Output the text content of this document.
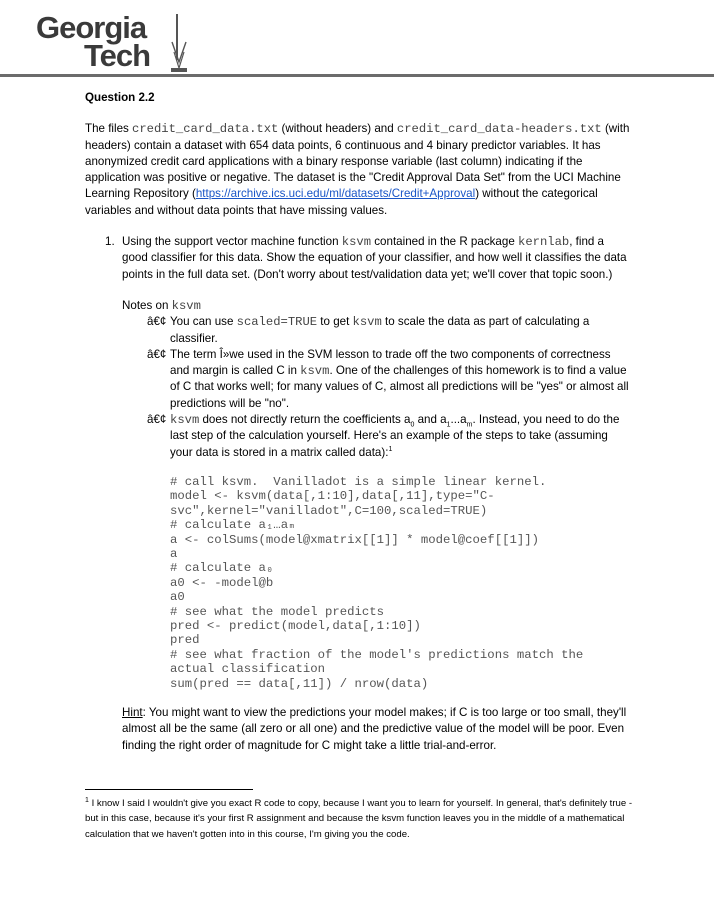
Georgia
Tech
Question 2.2
The files credit_card_data.txt (without headers) and credit_card_data-headers.txt (with headers) contain a dataset with 654 data points, 6 continuous and 4 binary predictor variables. It has anonymized credit card applications with a binary response variable (last column) indicating if the application was positive or negative. The dataset is the "Credit Approval Data Set" from the UCI Machine Learning Repository (https://archive.ics.uci.edu/ml/datasets/Credit+Approval) without the categorical variables and without data points that have missing values.
1. Using the support vector machine function ksvm contained in the R package kernlab, find a good classifier for this data. Show the equation of your classifier, and how well it classifies the data points in the full data set. (Don't worry about test/validation data yet; we'll cover that topic soon.)
Notes on ksvm
â€¢ You can use scaled=TRUE to get ksvm to scale the data as part of calculating a classifier.
â€¢ The term Î»we used in the SVM lesson to trade off the two components of correctness and margin is called C in ksvm. One of the challenges of this homework is to find a value of C that works well; for many values of C, almost all predictions will be "yes" or almost all predictions will be "no".
â€¢ ksvm does not directly return the coefficients $a_0$ and $a_1...a_m$. Instead, you need to do the last step of the calculation yourself. Here's an example of the steps to take (assuming your data is stored in a matrix called data):$^1$
# call ksvm.  Vanilladot is a simple linear kernel.
model <- ksvm(data[,1:10],data[,11],type="C-
svc",kernel="vanilladot",C=100,scaled=TRUE)
# calculate a₁…aₘ
a <- colSums(model@xmatrix[[1]] * model@coef[[1]])
a
# calculate a₀
a0 <- -model@b
a0
# see what the model predicts
pred <- predict(model,data[,1:10])
pred
# see what fraction of the model's predictions match the
actual classification
sum(pred == data[,11]) / nrow(data)
Hint: You might want to view the predictions your model makes; if C is too large or too small, they'll almost all be the same (all zero or all one) and the predictive value of the model will be poor. Even finding the right order of magnitude for C might take a little trial-and-error.
$^1$ I know I said I wouldn't give you exact R code to copy, because I want you to learn for yourself. In general, that's definitely true - but in this case, because it's your first R assignment and because the ksvm function leaves you in the middle of a mathematical calculation that we haven't gotten into in this course, I'm giving you the code.
